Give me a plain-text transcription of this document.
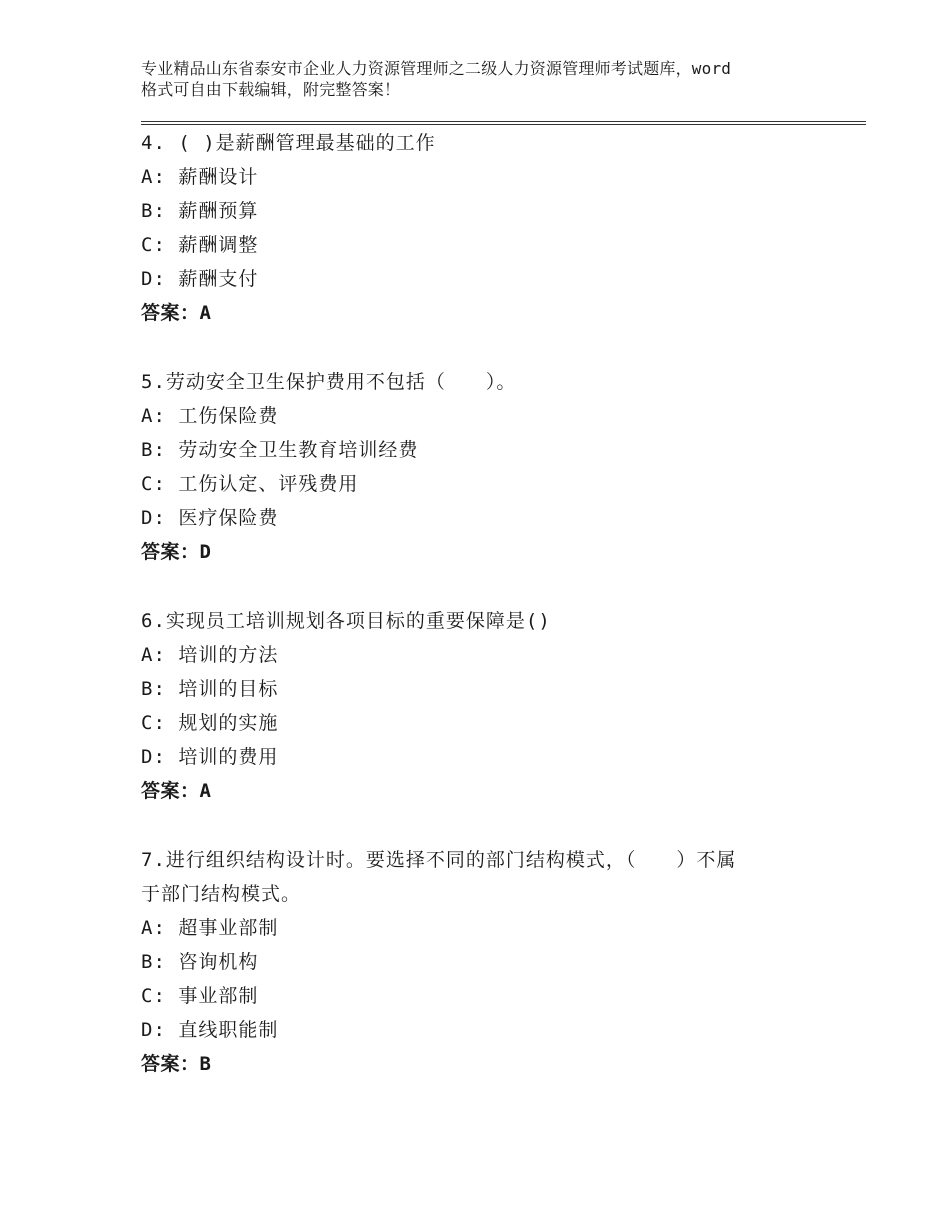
专业精品山东省泰安市企业人力资源管理师之二级人力资源管理师考试题库，word
格式可自由下载编辑，附完整答案！
4. ( )是薪酬管理最基础的工作
A: 薪酬设计
B: 薪酬预算
C: 薪酬调整
D: 薪酬支付
答案：A
5.劳动安全卫生保护费用不包括（　　）。
A: 工伤保险费
B: 劳动安全卫生教育培训经费
C: 工伤认定、评残费用
D: 医疗保险费
答案：D
6.实现员工培训规划各项目标的重要保障是()
A: 培训的方法
B: 培训的目标
C: 规划的实施
D: 培训的费用
答案：A
7.进行组织结构设计时。要选择不同的部门结构模式，（　　）不属
于部门结构模式。
A: 超事业部制
B: 咨询机构
C: 事业部制
D: 直线职能制
答案：B
